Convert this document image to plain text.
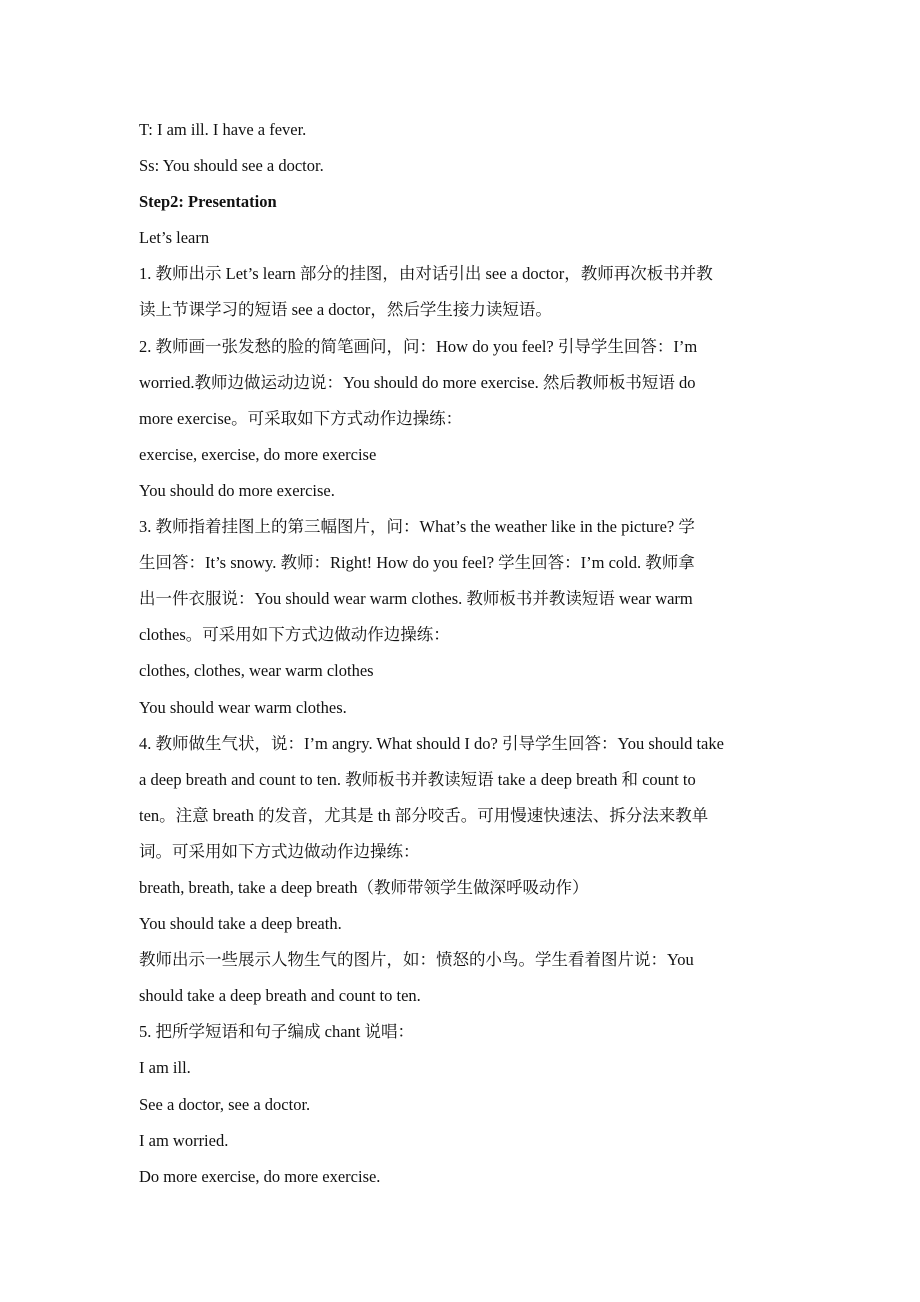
T: I am ill. I have a fever.
Ss: You should see a doctor.
Step2: Presentation
Let’s learn
1. 教师出示 Let’s learn 部分的挂图，由对话引出 see a doctor，教师再次板书并教
读上节课学习的短语 see a doctor，然后学生接力读短语。
2. 教师画一张发愁的脸的简笔画问，问：How do you feel? 引导学生回答：I’m
worried.教师边做运动边说：You should do more exercise. 然后教师板书短语 do
more exercise。可采取如下方式动作边操练：
exercise, exercise, do more exercise
You should do more exercise.
3. 教师指着挂图上的第三幅图片，问：What’s the weather like in the picture? 学
生回答：It’s snowy. 教师：Right! How do you feel? 学生回答：I’m cold. 教师拿
出一件衣服说：You should wear warm clothes. 教师板书并教读短语 wear warm
clothes。可采用如下方式边做动作边操练：
clothes, clothes, wear warm clothes
You should wear warm clothes.
4. 教师做生气状，说：I’m angry. What should I do? 引导学生回答：You should take
a deep breath and count to ten. 教师板书并教读短语 take a deep breath 和 count to
ten。注意 breath 的发音，尤其是 th 部分咬舌。可用慢速快速法、拆分法来教单
词。可采用如下方式边做动作边操练：
breath, breath, take a deep breath（教师带领学生做深呼吸动作）
You should take a deep breath.
教师出示一些展示人物生气的图片，如：愤怒的小鸟。学生看着图片说：You
should take a deep breath and count to ten.
5. 把所学短语和句子编成 chant 说唱：
I am ill.
See a doctor, see a doctor.
I am worried.
Do more exercise, do more exercise.
